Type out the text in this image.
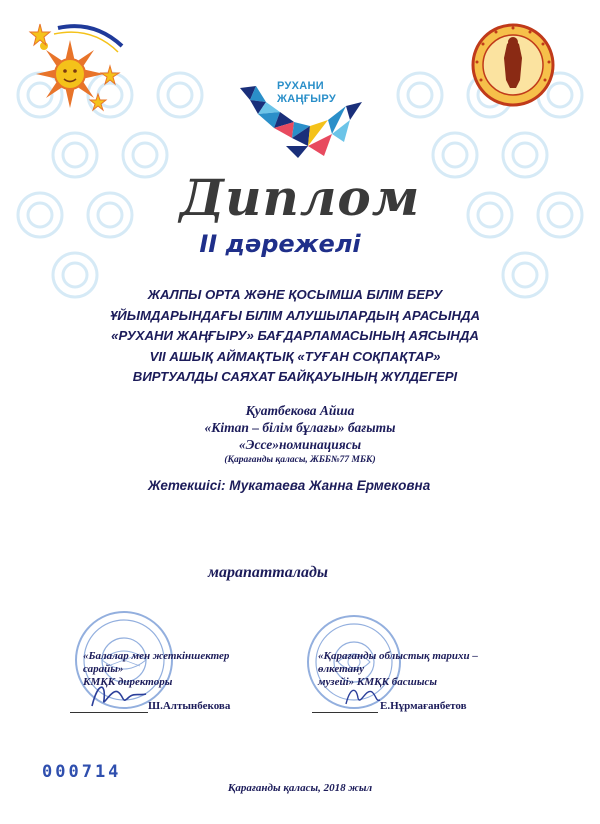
РУХАНИ
ЖАҢҒЫРУ
Диплом
II дәрежелі
ЖАЛПЫ ОРТА ЖӘНЕ ҚОСЫМША БІЛІМ БЕРУ
ҰЙЫМДАРЫНДАҒЫ БІЛІМ АЛУШЫЛАРДЫҢ АРАСЫНДА
«РУХАНИ ЖАҢҒЫРУ» БАҒДАРЛАМАСЫНЫҢ АЯСЫНДА
VII АШЫҚ АЙМАҚТЫҚ «ТУҒАН СОҚПАҚТАР»
ВИРТУАЛДЫ САЯХАТ БАЙҚАУЫНЫҢ ЖҮЛДЕГЕРІ
Қуатбекова Айша
«Кітап – білім бұлағы» бағыты
«Эссе»номинациясы
(Қарағанды қаласы, ЖББ№77 МБК)
Жетекшісі: Мукатаева Жанна Ермековна
марапатталады
«Балалар мен жеткіншектер сарайы»
КМҚК директоры
«Қарағанды облыстық тарихи – өлкетану
музейі» КМҚК басшысы
Ш.Алтынбекова	Е.Нұрмағанбетов
000714
Қарағанды қаласы, 2018 жыл
